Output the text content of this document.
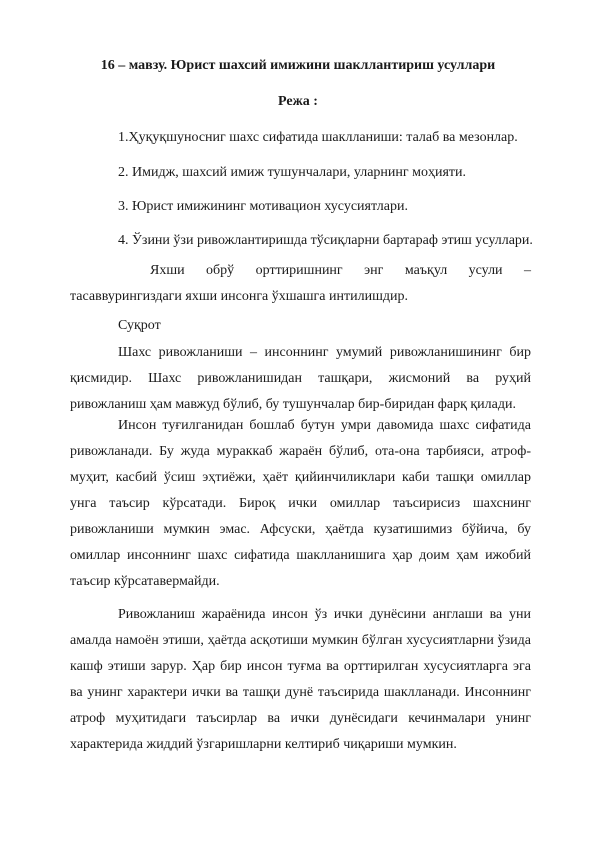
16 – мавзу. Юрист шахсий имижини шакллантириш усуллари
Режа :
1.Ҳуқуқшуносниг шахс сифатида шаклланиши: талаб ва мезонлар.
2. Имидж, шахсий имиж тушунчалари, уларнинг моҳияти.
3. Юрист имижининг мотивацион хусусиятлари.
4. Ўзини ўзи ривожлантиришда тўсиқларни бартараф этиш усуллари.
Яхши обрў орттиришнинг энг маъқул усули – тасаввурингиздаги яхши инсонга ўхшашга интилишдир.
Суқрот
Шахс ривожланиши – инсоннинг умумий ривожланишининг бир қисмидир. Шахс ривожланишидан ташқари, жисмоний ва руҳий ривожланиш ҳам мавжуд бўлиб, бу тушунчалар бир-биридан фарқ қилади.
Инсон туғилганидан бошлаб бутун умри давомида шахс сифатида ривожланади. Бу жуда мураккаб жараён бўлиб, ота-она тарбияси, атроф-муҳит, касбий ўсиш эҳтиёжи, ҳаёт қийинчиликлари каби ташқи омиллар унга таъсир кўрсатади. Бироқ ички омиллар таъсирисиз шахснинг ривожланиши мумкин эмас. Афсуски, ҳаётда кузатишимиз бўйича, бу омиллар инсоннинг шахс сифатида шаклланишига ҳар доим ҳам ижобий таъсир кўрсатавермайди.
Ривожланиш жараёнида инсон ўз ички дунёсини англаши ва уни амалда намоён этиши, ҳаётда асқотиши мумкин бўлган хусусиятларни ўзида кашф этиши зарур. Ҳар бир инсон туғма ва орттирилган хусусиятларга эга ва унинг характери ички ва ташқи дунё таъсирида шаклланади. Инсоннинг атроф муҳитидаги таъсирлар ва ички дунёсидаги кечинмалари унинг характерида жиддий ўзгаришларни келтириб чиқариши мумкин.
